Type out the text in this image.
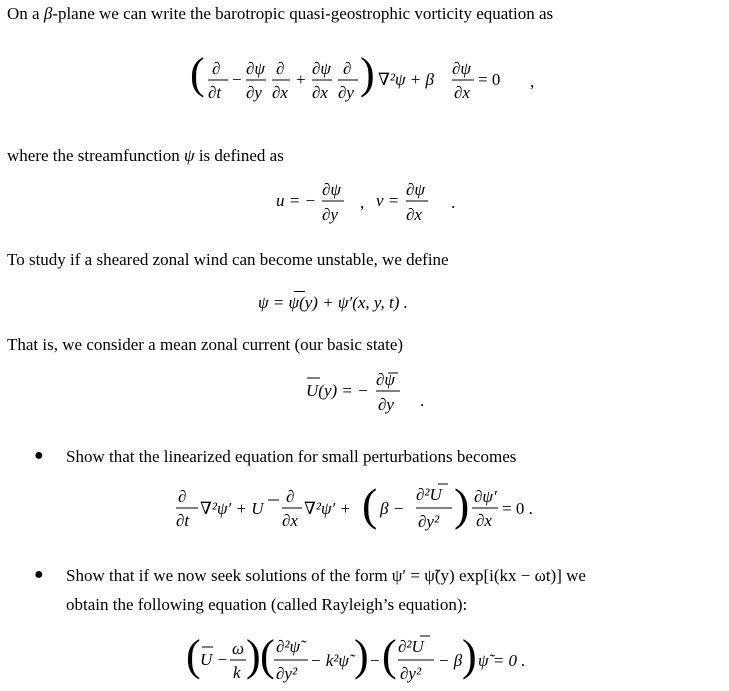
On a β-plane we can write the barotropic quasi-geostrophic vorticity equation as
( ∂
∂t
−
∂ψ
∂y
∂
∂x
+
∂ψ
∂x
∂
∂y ) ∇²ψ + β
∂ψ
∂x
= 0 ,
where the streamfunction ψ is defined as
u = −
∂ψ
∂y
, v =
∂ψ
∂x
.
To study if a sheared zonal wind can become unstable, we define
ψ = ψ(y) + ψ′(x, y, t) .
That is, we consider a mean zonal current (our basic state)
U(y) = −
∂ψ
∂y .
● Show that the linearized equation for small perturbations becomes
∂
∂t
∇²ψ′ + U
∂
∂x
∇²ψ′ + ( β −
∂²U
∂y² ) ∂ψ′
∂x
= 0 .
● Show that if we now seek solutions of the form ψ′ = ψ̃(y) exp[i(kx − ωt)] we
obtain the following equation (called Rayleigh’s equation):
( U −
ω
k ) ( ∂²ψ̃
∂y²
− k²ψ̃ ) − ( ∂²U
∂y²
− β ) ψ̃ = 0 .
